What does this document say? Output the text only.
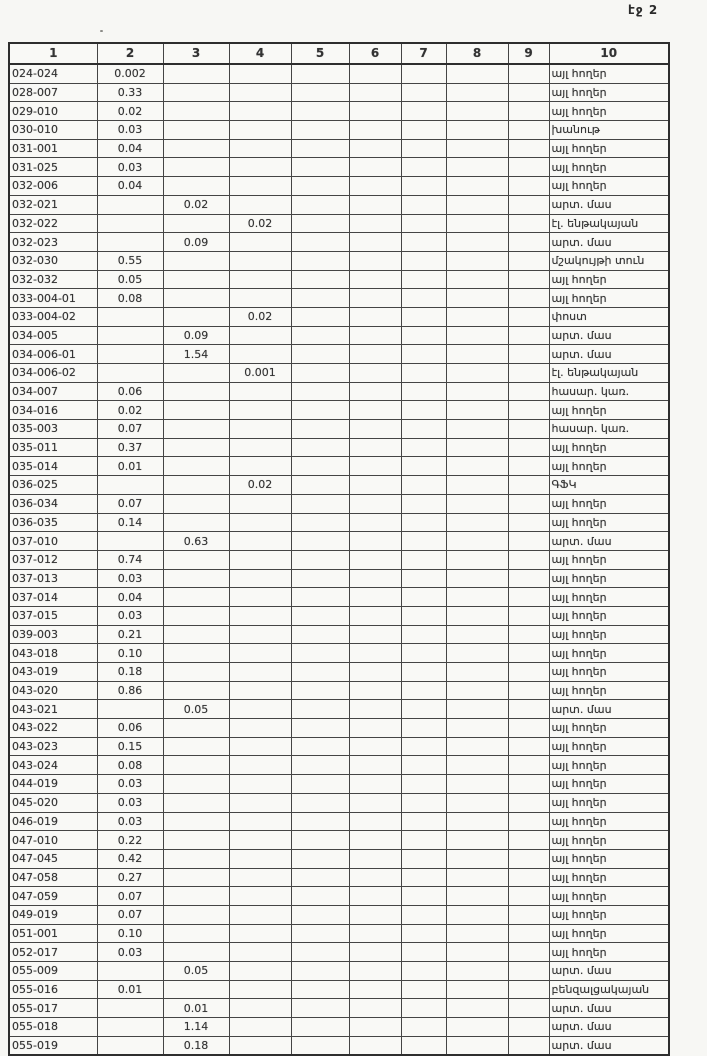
էջ 2
1	2	3	4	5	6	7	8	9	10
024-024	0.002								այլ հողեր
028-007	0.33								այլ հողեր
029-010	0.02								այլ հողեր
030-010	0.03								խանութ
031-001	0.04								այլ հողեր
031-025	0.03								այլ հողեր
032-006	0.04								այլ հողեր
032-021		0.02							արտ. մաս
032-022			0.02						էլ. ենթակայան
032-023		0.09							արտ. մաս
032-030	0.55								մշակույթի տուն
032-032	0.05								այլ հողեր
033-004-01	0.08								այլ հողեր
033-004-02			0.02						փոստ
034-005		0.09							արտ. մաս
034-006-01		1.54							արտ. մաս
034-006-02			0.001						էլ. ենթակայան
034-007	0.06								հասար. կառ.
034-016	0.02								այլ հողեր
035-003	0.07								հասար. կառ.
035-011	0.37								այլ հողեր
035-014	0.01								այլ հողեր
036-025			0.02						ԳՖԿ
036-034	0.07								այլ հողեր
036-035	0.14								այլ հողեր
037-010		0.63							արտ. մաս
037-012	0.74								այլ հողեր
037-013	0.03								այլ հողեր
037-014	0.04								այլ հողեր
037-015	0.03								այլ հողեր
039-003	0.21								այլ հողեր
043-018	0.10								այլ հողեր
043-019	0.18								այլ հողեր
043-020	0.86								այլ հողեր
043-021		0.05							արտ. մաս
043-022	0.06								այլ հողեր
043-023	0.15								այլ հողեր
043-024	0.08								այլ հողեր
044-019	0.03								այլ հողեր
045-020	0.03								այլ հողեր
046-019	0.03								այլ հողեր
047-010	0.22								այլ հողեր
047-045	0.42								այլ հողեր
047-058	0.27								այլ հողեր
047-059	0.07								այլ հողեր
049-019	0.07								այլ հողեր
051-001	0.10								այլ հողեր
052-017	0.03								այլ հողեր
055-009		0.05							արտ. մաս
055-016	0.01								բենզալցակայան
055-017		0.01							արտ. մաս
055-018		1.14							արտ. մաս
055-019		0.18							արտ. մաս
